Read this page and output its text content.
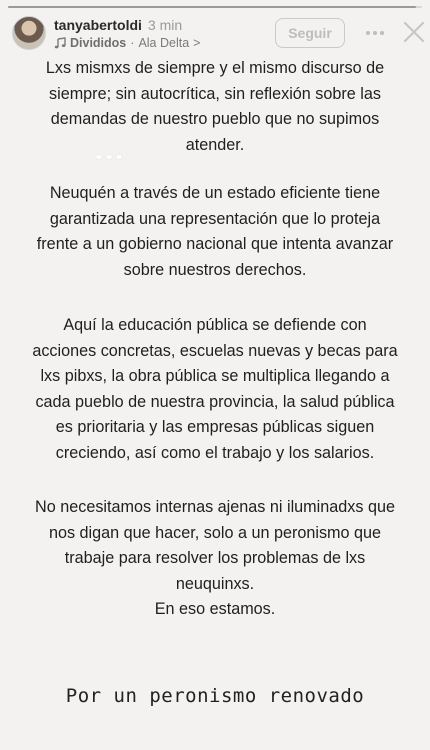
tanyabertoldi 3 min
Divididos · Ala Delta >
Seguir

Lxs mismxs de siempre y el mismo discurso de siempre; sin autocrítica, sin reflexión sobre las demandas de nuestro pueblo que no supimos atender.

Neuquén a través de un estado eficiente tiene garantizada una representación que lo proteja frente a un gobierno nacional que intenta avanzar sobre nuestros derechos.

Aquí la educación pública se defiende con acciones concretas, escuelas nuevas y becas para lxs pibxs, la obra pública se multiplica llegando a cada pueblo de nuestra provincia, la salud pública es prioritaria y las empresas públicas siguen creciendo, así como el trabajo y los salarios.

No necesitamos internas ajenas ni iluminadxs que nos digan que hacer, solo a un peronismo que trabaje para resolver los problemas de lxs neuquinxs.

En eso estamos.

Por un peronismo renovado
